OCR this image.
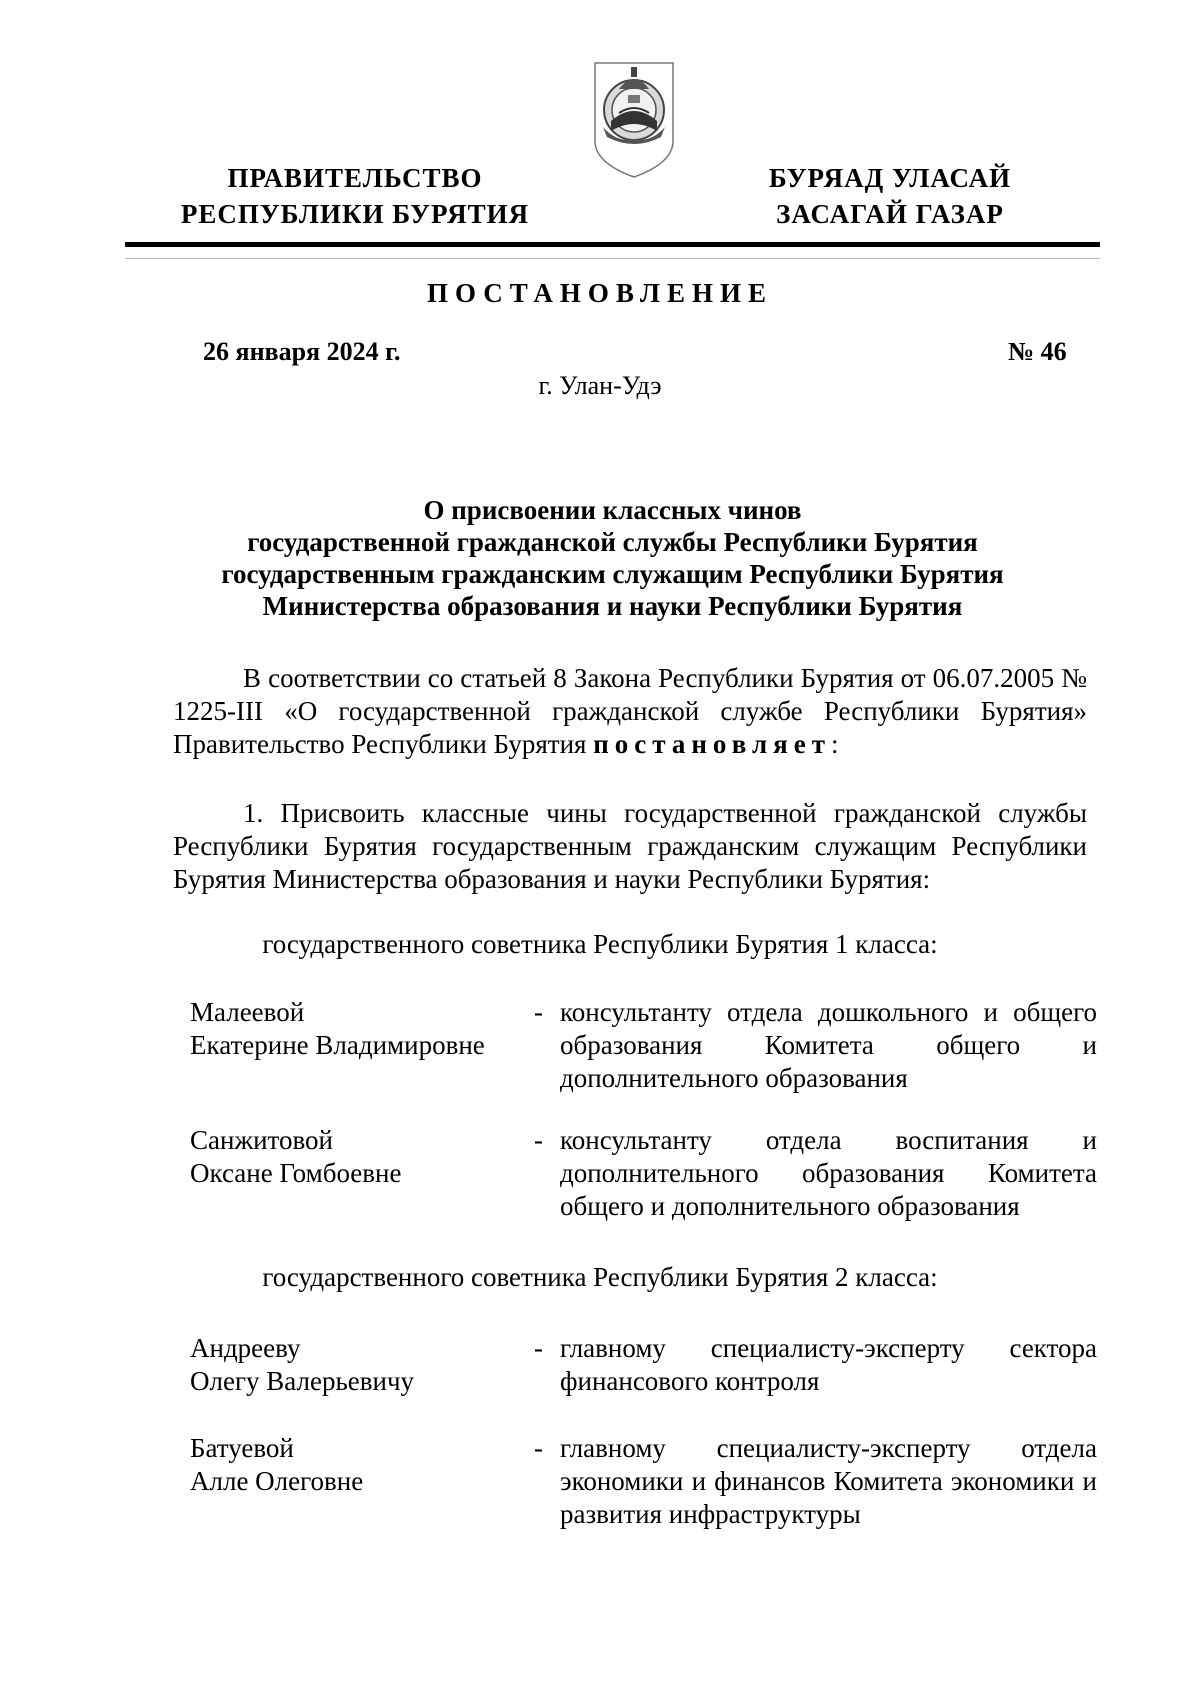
ПРАВИТЕЛЬСТВО
РЕСПУБЛИКИ БУРЯТИЯ
БУРЯАД УЛАСАЙ
ЗАСАГАЙ ГАЗАР
ПОСТАНОВЛЕНИЕ
26 января 2024 г.	№ 46
г. Улан-Удэ
О присвоении классных чинов
государственной гражданской службы Республики Бурятия
государственным гражданским служащим Республики Бурятия
Министерства образования и науки Республики Бурятия

В соответствии со статьей 8 Закона Республики Бурятия от 06.07.2005 № 1225-III «О государственной гражданской службе Республики Бурятия» Правительство Республики Бурятия постановляет:

1. Присвоить классные чины государственной гражданской службы Республики Бурятия государственным гражданским служащим Республики Бурятия Министерства образования и науки Республики Бурятия:

государственного советника Республики Бурятия 1 класса:
Малеевой
Екатерине Владимировне
- консультанту отдела дошкольного и общего образования Комитета общего и дополнительного образования
Санжитовой
Оксане Гомбоевне
- консультанту отдела воспитания и дополнительного образования Комитета общего и дополнительного образования
государственного советника Республики Бурятия 2 класса:
Андрееву
Олегу Валерьевичу
- главному специалисту-эксперту сектора финансового контроля
Батуевой
Алле Олеговне
- главному специалисту-эксперту отдела экономики и финансов Комитета экономики и развития инфраструктуры
